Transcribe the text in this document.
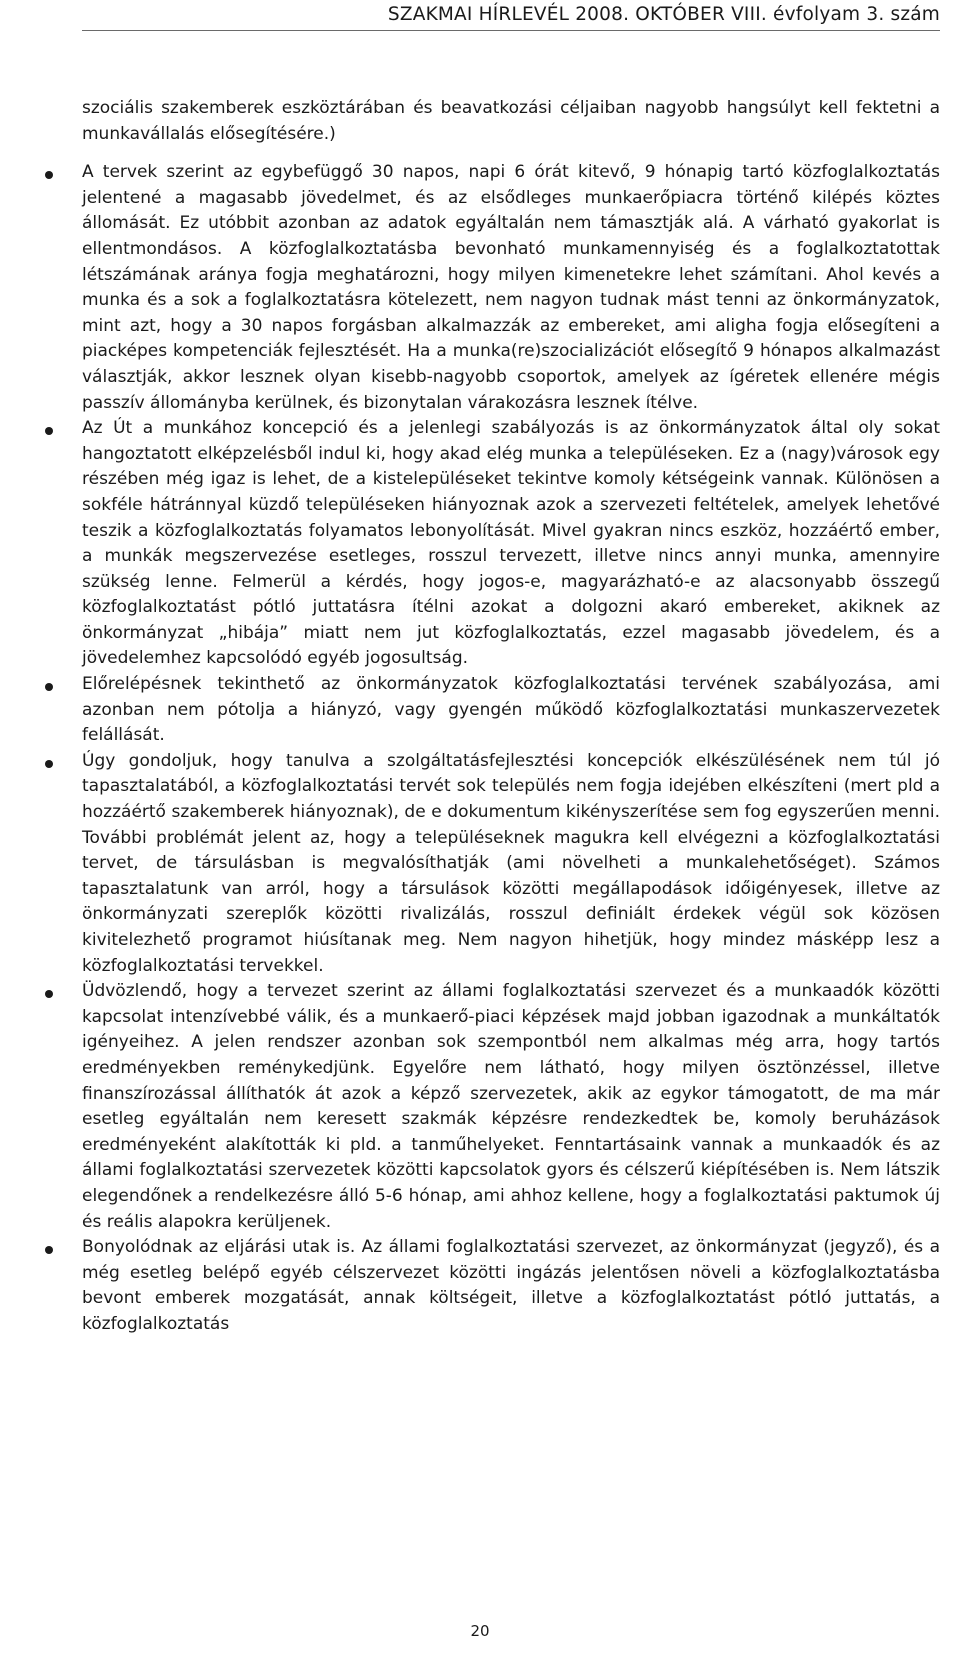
SZAKMAI HÍRLEVÉL 2008. OKTÓBER VIII. évfolyam 3. szám

szociális szakemberek eszköztárában és beavatkozási céljaiban nagyobb hangsúlyt kell fektetni a munkavállalás elősegítésére.)

A tervek szerint az egybefüggő 30 napos, napi 6 órát kitevő, 9 hónapig tartó közfoglalkoztatás jelentené a magasabb jövedelmet, és az elsődleges munkaerőpiacra történő kilépés köztes állomását. Ez utóbbit azonban az adatok egyáltalán nem támasztják alá. A várható gyakorlat is ellentmondásos. A közfoglalkoztatásba bevonható munkamennyiség és a foglalkoztatottak létszámának aránya fogja meghatározni, hogy milyen kimenetekre lehet számítani. Ahol kevés a munka és a sok a foglalkoztatásra kötelezett, nem nagyon tudnak mást tenni az önkormányzatok, mint azt, hogy a 30 napos forgásban alkalmazzák az embereket, ami aligha fogja elősegíteni a piacképes kompetenciák fejlesztését. Ha a munka(re)szocializációt elősegítő 9 hónapos alkalmazást választják, akkor lesznek olyan kisebb-nagyobb csoportok, amelyek az ígéretek ellenére mégis passzív állományba kerülnek, és bizonytalan várakozásra lesznek ítélve.
Az Út a munkához koncepció és a jelenlegi szabályozás is az önkormányzatok által oly sokat hangoztatott elképzelésből indul ki, hogy akad elég munka a településeken. Ez a (nagy)városok egy részében még igaz is lehet, de a kistelepüléseket tekintve komoly kétségeink vannak. Különösen a sokféle hátránnyal küzdő településeken hiányoznak azok a szervezeti feltételek, amelyek lehetővé teszik a közfoglalkoztatás folyamatos lebonyolítását. Mivel gyakran nincs eszköz, hozzáértő ember, a munkák megszervezése esetleges, rosszul tervezett, illetve nincs annyi munka, amennyire szükség lenne. Felmerül a kérdés, hogy jogos-e, magyarázható-e az alacsonyabb összegű közfoglalkoztatást pótló juttatásra ítélni azokat a dolgozni akaró embereket, akiknek az önkormányzat „hibája” miatt nem jut közfoglalkoztatás, ezzel magasabb jövedelem, és a jövedelemhez kapcsolódó egyéb jogosultság.
Előrelépésnek tekinthető az önkormányzatok közfoglalkoztatási tervének szabályozása, ami azonban nem pótolja a hiányzó, vagy gyengén működő közfoglalkoztatási munkaszervezetek felállását.
Úgy gondoljuk, hogy tanulva a szolgáltatásfejlesztési koncepciók elkészülésének nem túl jó tapasztalatából, a közfoglalkoztatási tervét sok település nem fogja idejében elkészíteni (mert pld a hozzáértő szakemberek hiányoznak), de e dokumentum kikényszerítése sem fog egyszerűen menni. További problémát jelent az, hogy a településeknek magukra kell elvégezni a közfoglalkoztatási tervet, de társulásban is megvalósíthatják (ami növelheti a munkalehetőséget). Számos tapasztalatunk van arról, hogy a társulások közötti megállapodások időigényesek, illetve az önkormányzati szereplők közötti rivalizálás, rosszul definiált érdekek végül sok közösen kivitelezhető programot hiúsítanak meg. Nem nagyon hihetjük, hogy mindez másképp lesz a közfoglalkoztatási tervekkel.
Üdvözlendő, hogy a tervezet szerint az állami foglalkoztatási szervezet és a munkaadók közötti kapcsolat intenzívebbé válik, és a munkaerő-piaci képzések majd jobban igazodnak a munkáltatók igényeihez. A jelen rendszer azonban sok szempontból nem alkalmas még arra, hogy tartós eredményekben reménykedjünk. Egyelőre nem látható, hogy milyen ösztönzéssel, illetve finanszírozással állíthatók át azok a képző szervezetek, akik az egykor támogatott, de ma már esetleg egyáltalán nem keresett szakmák képzésre rendezkedtek be, komoly beruházások eredményeként alakították ki pld. a tanműhelyeket. Fenntartásaink vannak a munkaadók és az állami foglalkoztatási szervezetek közötti kapcsolatok gyors és célszerű kiépítésében is. Nem látszik elegendőnek a rendelkezésre álló 5-6 hónap, ami ahhoz kellene, hogy a foglalkoztatási paktumok új és reális alapokra kerüljenek.
Bonyolódnak az eljárási utak is. Az állami foglalkoztatási szervezet, az önkormányzat (jegyző), és a még esetleg belépő egyéb célszervezet közötti ingázás jelentősen növeli a közfoglalkoztatásba bevont emberek mozgatását, annak költségeit, illetve a közfoglalkoztatást pótló juttatás, a közfoglalkoztatás
20
